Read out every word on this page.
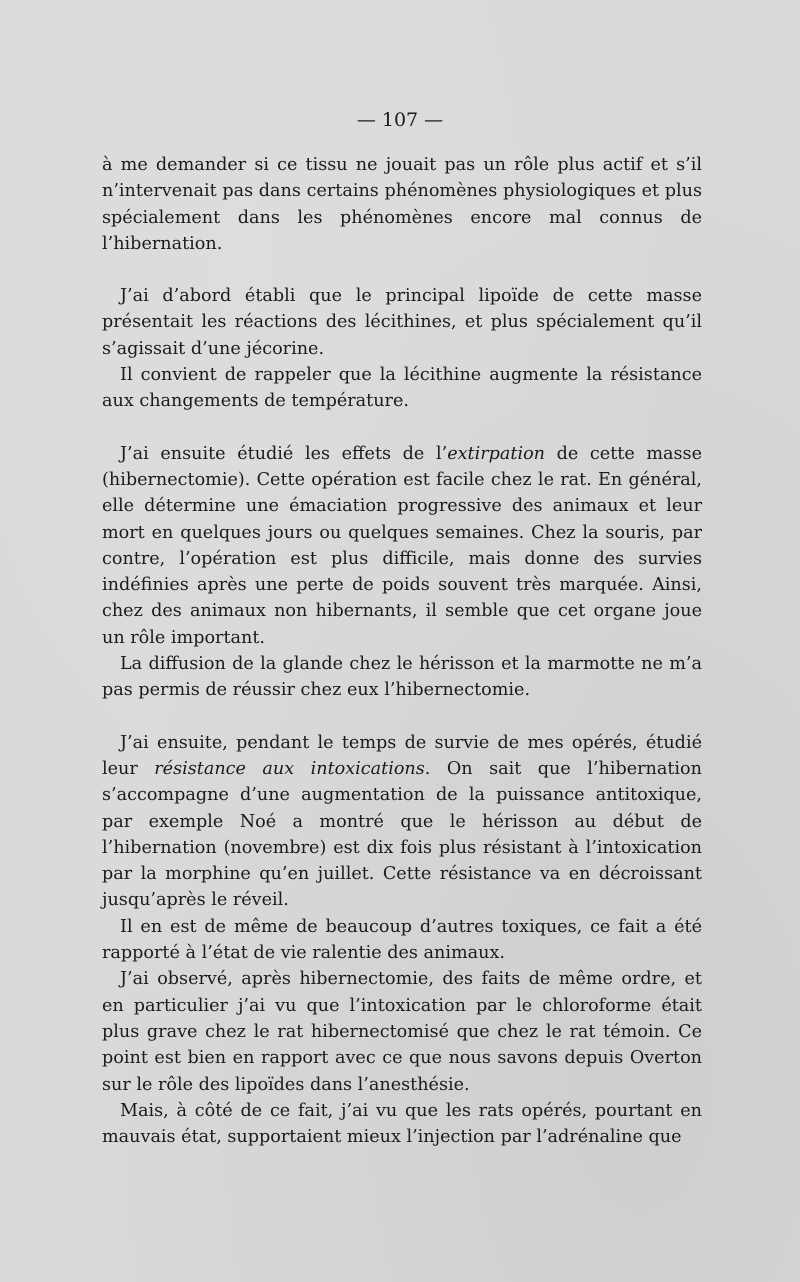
— 107 —

à me demander si ce tissu ne jouait pas un rôle plus actif et s’il n’intervenait pas dans certains phénomènes physiologiques et plus spécialement dans les phénomènes encore mal connus de l’hibernation.

J’ai d’abord établi que le principal lipoïde de cette masse présentait les réactions des lécithines, et plus spécialement qu’il s’agissait d’une jécorine.

Il convient de rappeler que la lécithine augmente la résistance aux changements de température.

J’ai ensuite étudié les effets de l’extirpation de cette masse (hibernectomie). Cette opération est facile chez le rat. En général, elle détermine une émaciation progressive des animaux et leur mort en quelques jours ou quelques semaines. Chez la souris, par contre, l’opération est plus difficile, mais donne des survies indéfinies après une perte de poids souvent très marquée. Ainsi, chez des animaux non hibernants, il semble que cet organe joue un rôle important.

La diffusion de la glande chez le hérisson et la marmotte ne m’a pas permis de réussir chez eux l’hibernectomie.

J’ai ensuite, pendant le temps de survie de mes opérés, étudié leur résistance aux intoxications. On sait que l’hibernation s’accompagne d’une augmentation de la puissance antitoxique, par exemple Noé a montré que le hérisson au début de l’hibernation (novembre) est dix fois plus résistant à l’intoxication par la morphine qu’en juillet. Cette résistance va en décroissant jusqu’après le réveil.

Il en est de même de beaucoup d’autres toxiques, ce fait a été rapporté à l’état de vie ralentie des animaux.

J’ai observé, après hibernectomie, des faits de même ordre, et en particulier j’ai vu que l’intoxication par le chloroforme était plus grave chez le rat hibernectomisé que chez le rat témoin. Ce point est bien en rapport avec ce que nous savons depuis Overton sur le rôle des lipoïdes dans l’anesthésie.

Mais, à côté de ce fait, j’ai vu que les rats opérés, pourtant en mauvais état, supportaient mieux l’injection par l’adrénaline que
